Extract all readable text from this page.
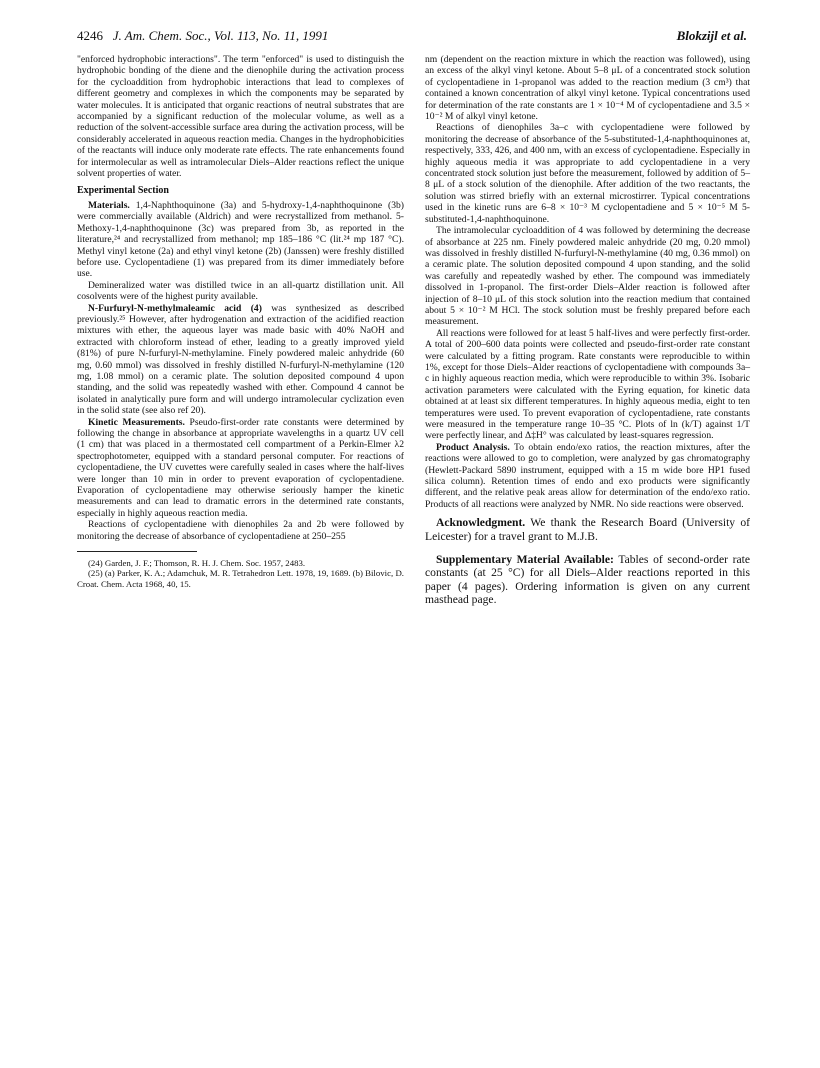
4246 J. Am. Chem. Soc., Vol. 113, No. 11, 1991	Blokzijl et al.

"enforced hydrophobic interactions". The term "enforced" is used to distinguish the hydrophobic bonding of the diene and the dienophile during the activation process for the cycloaddition from hydrophobic interactions that lead to complexes of different geometry and complexes in which the components may be separated by water molecules. It is anticipated that organic reactions of neutral substrates that are accompanied by a significant reduction of the molecular volume, as well as a reduction of the solvent-accessible surface area during the activation process, will be considerably accelerated in aqueous reaction media. Changes in the hydrophobicities of the reactants will induce only moderate rate effects. The rate enhancements found for intermolecular as well as intramolecular Diels–Alder reactions reflect the unique solvent properties of water.

Experimental Section

Materials. 1,4-Naphthoquinone (3a) and 5-hydroxy-1,4-naphthoquinone (3b) were commercially available (Aldrich) and were recrystallized from methanol. 5-Methoxy-1,4-naphthoquinone (3c) was prepared from 3b, as reported in the literature,²⁴ and recrystallized from methanol; mp 185–186 °C (lit.²⁴ mp 187 °C). Methyl vinyl ketone (2a) and ethyl vinyl ketone (2b) (Janssen) were freshly distilled before use. Cyclopentadiene (1) was prepared from its dimer immediately before use.

Demineralized water was distilled twice in an all-quartz distillation unit. All cosolvents were of the highest purity available.

N-Furfuryl-N-methylmaleamic acid (4) was synthesized as described previously.²⁵ However, after hydrogenation and extraction of the acidified reaction mixtures with ether, the aqueous layer was made basic with 40% NaOH and extracted with chloroform instead of ether, leading to a greatly improved yield (81%) of pure N-furfuryl-N-methylamine. Finely powdered maleic anhydride (60 mg, 0.60 mmol) was dissolved in freshly distilled N-furfuryl-N-methylamine (120 mg, 1.08 mmol) on a ceramic plate. The solution deposited compound 4 upon standing, and the solid was repeatedly washed with ether. Compound 4 cannot be isolated in analytically pure form and will undergo intramolecular cyclization even in the solid state (see also ref 20).

Kinetic Measurements. Pseudo-first-order rate constants were determined by following the change in absorbance at appropriate wavelengths in a quartz UV cell (1 cm) that was placed in a thermostated cell compartment of a Perkin-Elmer λ2 spectrophotometer, equipped with a standard personal computer. For reactions of cyclopentadiene, the UV cuvettes were carefully sealed in cases where the half-lives were longer than 10 min in order to prevent evaporation of cyclopentadiene. Evaporation of cyclopentadiene may otherwise seriously hamper the kinetic measurements and can lead to dramatic errors in the determined rate constants, especially in highly aqueous reaction media.

Reactions of cyclopentadiene with dienophiles 2a and 2b were followed by monitoring the decrease of absorbance of cyclopentadiene at 250–255

(24) Garden, J. F.; Thomson, R. H. J. Chem. Soc. 1957, 2483.

(25) (a) Parker, K. A.; Adamchuk, M. R. Tetrahedron Lett. 1978, 19, 1689. (b) Bilovic, D. Croat. Chem. Acta 1968, 40, 15.

nm (dependent on the reaction mixture in which the reaction was followed), using an excess of the alkyl vinyl ketone. About 5–8 μL of a concentrated stock solution of cyclopentadiene in 1-propanol was added to the reaction medium (3 cm³) that contained a known concentration of alkyl vinyl ketone. Typical concentrations used for determination of the rate constants are 1 × 10⁻⁴ M of cyclopentadiene and 3.5 × 10⁻² M of alkyl vinyl ketone.

Reactions of dienophiles 3a–c with cyclopentadiene were followed by monitoring the decrease of absorbance of the 5-substituted-1,4-naphthoquinones at, respectively, 333, 426, and 400 nm, with an excess of cyclopentadiene. Especially in highly aqueous media it was appropriate to add cyclopentadiene in a very concentrated stock solution just before the measurement, followed by addition of 5–8 μL of a stock solution of the dienophile. After addition of the two reactants, the solution was stirred briefly with an external microstirrer. Typical concentrations used in the kinetic runs are 6–8 × 10⁻³ M cyclopentadiene and 5 × 10⁻⁵ M 5-substituted-1,4-naphthoquinone.

The intramolecular cycloaddition of 4 was followed by determining the decrease of absorbance at 225 nm. Finely powdered maleic anhydride (20 mg, 0.20 mmol) was dissolved in freshly distilled N-furfuryl-N-methylamine (40 mg, 0.36 mmol) on a ceramic plate. The solution deposited compound 4 upon standing, and the solid was carefully and repeatedly washed by ether. The compound was immediately dissolved in 1-propanol. The first-order Diels–Alder reaction is followed after injection of 8–10 μL of this stock solution into the reaction medium that contained about 5 × 10⁻² M HCl. The stock solution must be freshly prepared before each measurement.

All reactions were followed for at least 5 half-lives and were perfectly first-order. A total of 200–600 data points were collected and pseudo-first-order rate constant were calculated by a fitting program. Rate constants were reproducible to within 1%, except for those Diels–Alder reactions of cyclopentadiene with compounds 3a–c in highly aqueous reaction media, which were reproducible to within 3%. Isobaric activation parameters were calculated with the Eyring equation, for kinetic data obtained at at least six different temperatures. In highly aqueous media, eight to ten temperatures were used. To prevent evaporation of cyclopentadiene, rate constants were measured in the temperature range 10–35 °C. Plots of ln (k/T) against 1/T were perfectly linear, and Δ‡H° was calculated by least-squares regression.

Product Analysis. To obtain endo/exo ratios, the reaction mixtures, after the reactions were allowed to go to completion, were analyzed by gas chromatography (Hewlett-Packard 5890 instrument, equipped with a 15 m wide bore HP1 fused silica column). Retention times of endo and exo products were significantly different, and the relative peak areas allow for determination of the endo/exo ratio. Products of all reactions were analyzed by NMR. No side reactions were observed.

Acknowledgment. We thank the Research Board (University of Leicester) for a travel grant to M.J.B.

Supplementary Material Available: Tables of second-order rate constants (at 25 °C) for all Diels–Alder reactions reported in this paper (4 pages). Ordering information is given on any current masthead page.
